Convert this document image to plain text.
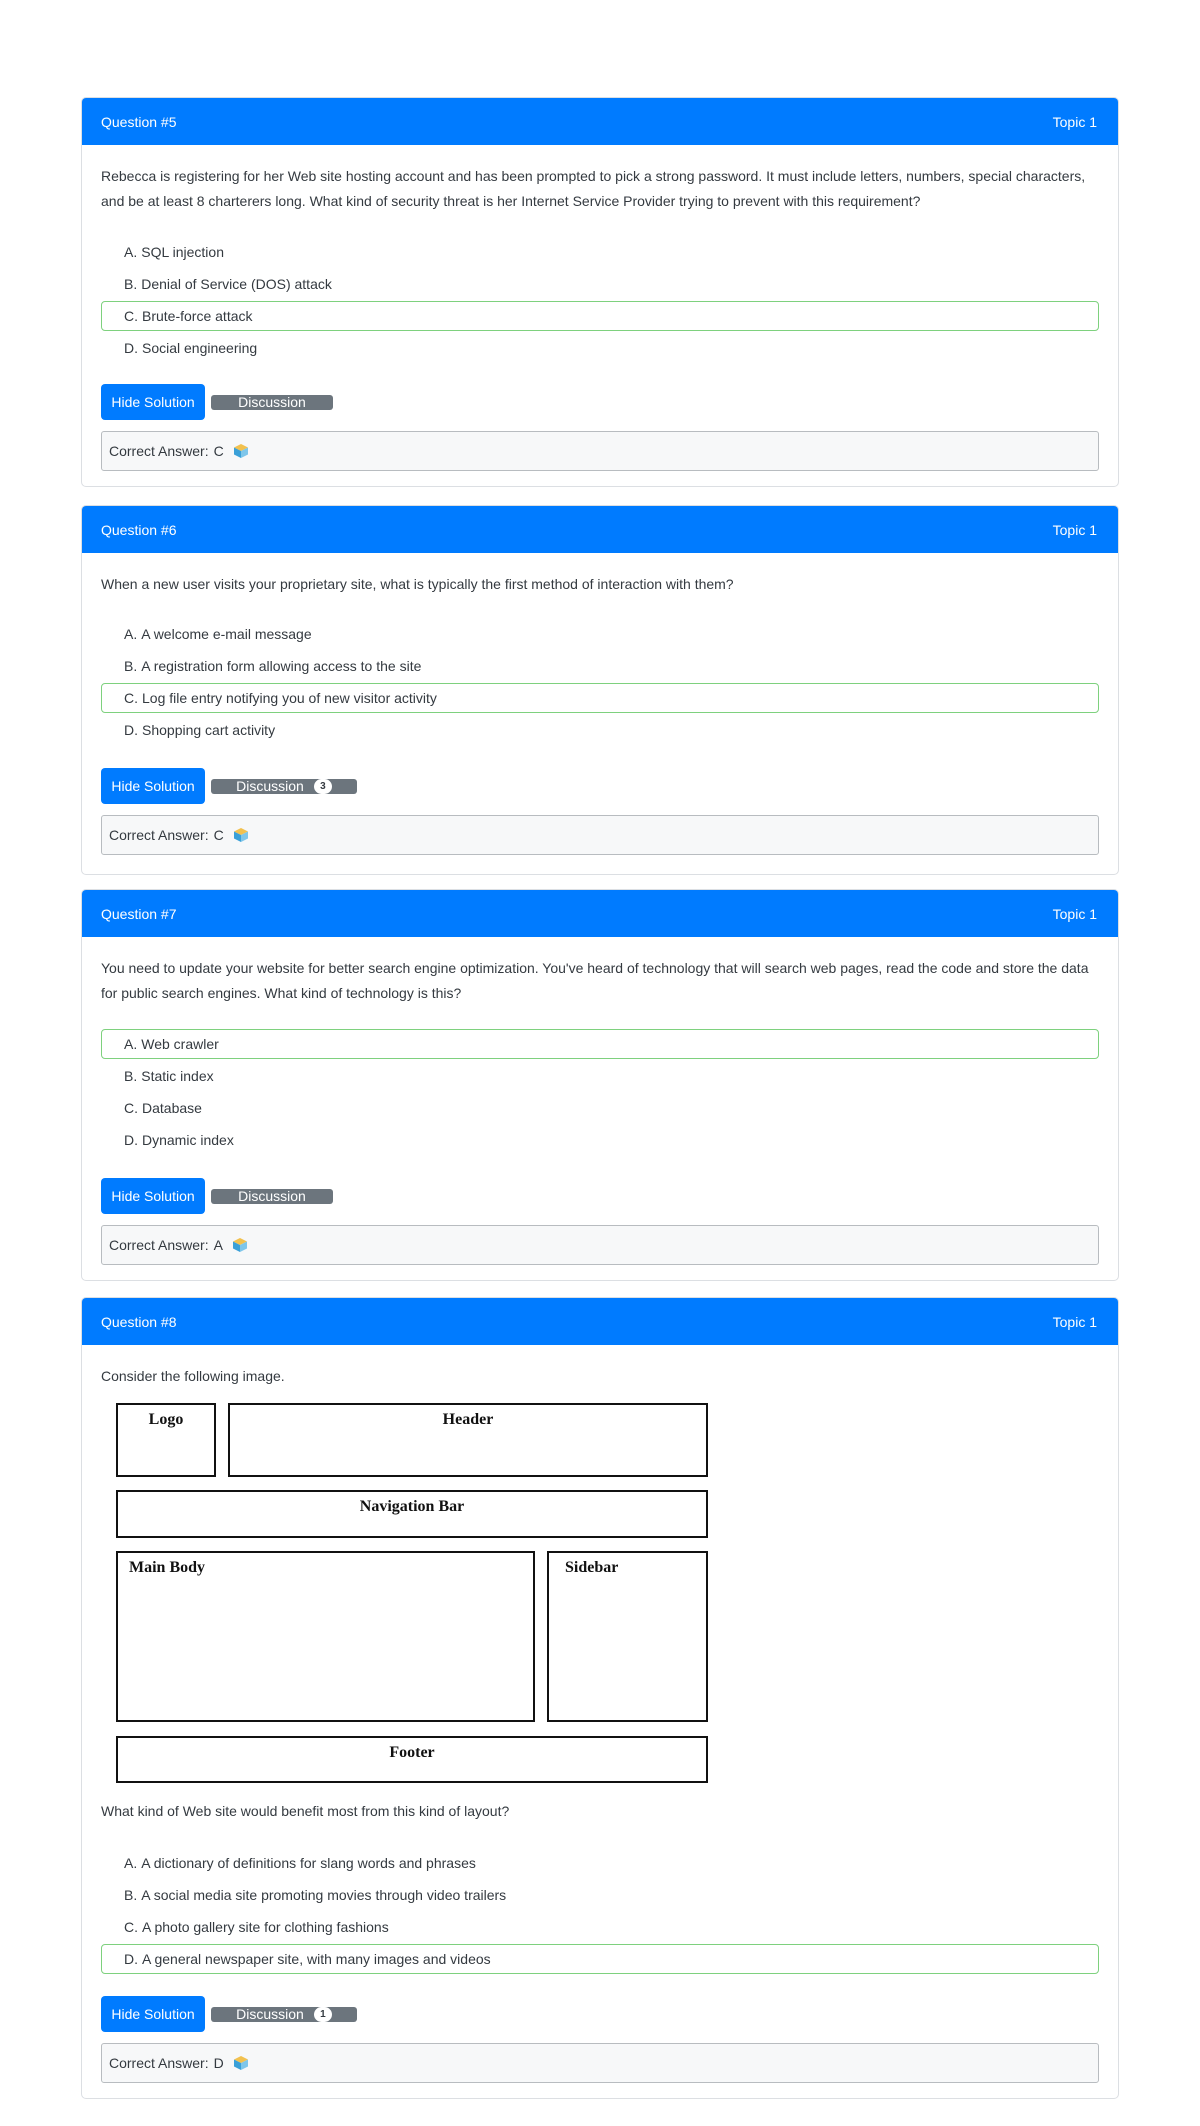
Question #5	Topic 1

Rebecca is registering for her Web site hosting account and has been prompted to pick a strong password. It must include letters, numbers, special characters, and be at least 8 charterers long. What kind of security threat is her Internet Service Provider trying to prevent with this requirement?

A. SQL injection
B. Denial of Service (DOS) attack
C. Brute-force attack
D. Social engineering
Hide Solution	Discussion
Correct Answer: C
Question #6	Topic 1

When a new user visits your proprietary site, what is typically the first method of interaction with them?

A. A welcome e-mail message
B. A registration form allowing access to the site
C. Log file entry notifying you of new visitor activity
D. Shopping cart activity
Hide Solution	Discussion	3
Correct Answer: C
Question #7	Topic 1

You need to update your website for better search engine optimization. You've heard of technology that will search web pages, read the code and store the data for public search engines. What kind of technology is this?

A. Web crawler
B. Static index
C. Database
D. Dynamic index
Hide Solution	Discussion
Correct Answer: A
Question #8	Topic 1

Consider the following image.

Logo	Header
Navigation Bar
Main Body	Sidebar
Footer

What kind of Web site would benefit most from this kind of layout?

A. A dictionary of definitions for slang words and phrases
B. A social media site promoting movies through video trailers
C. A photo gallery site for clothing fashions
D. A general newspaper site, with many images and videos
Hide Solution	Discussion	1
Correct Answer: D
